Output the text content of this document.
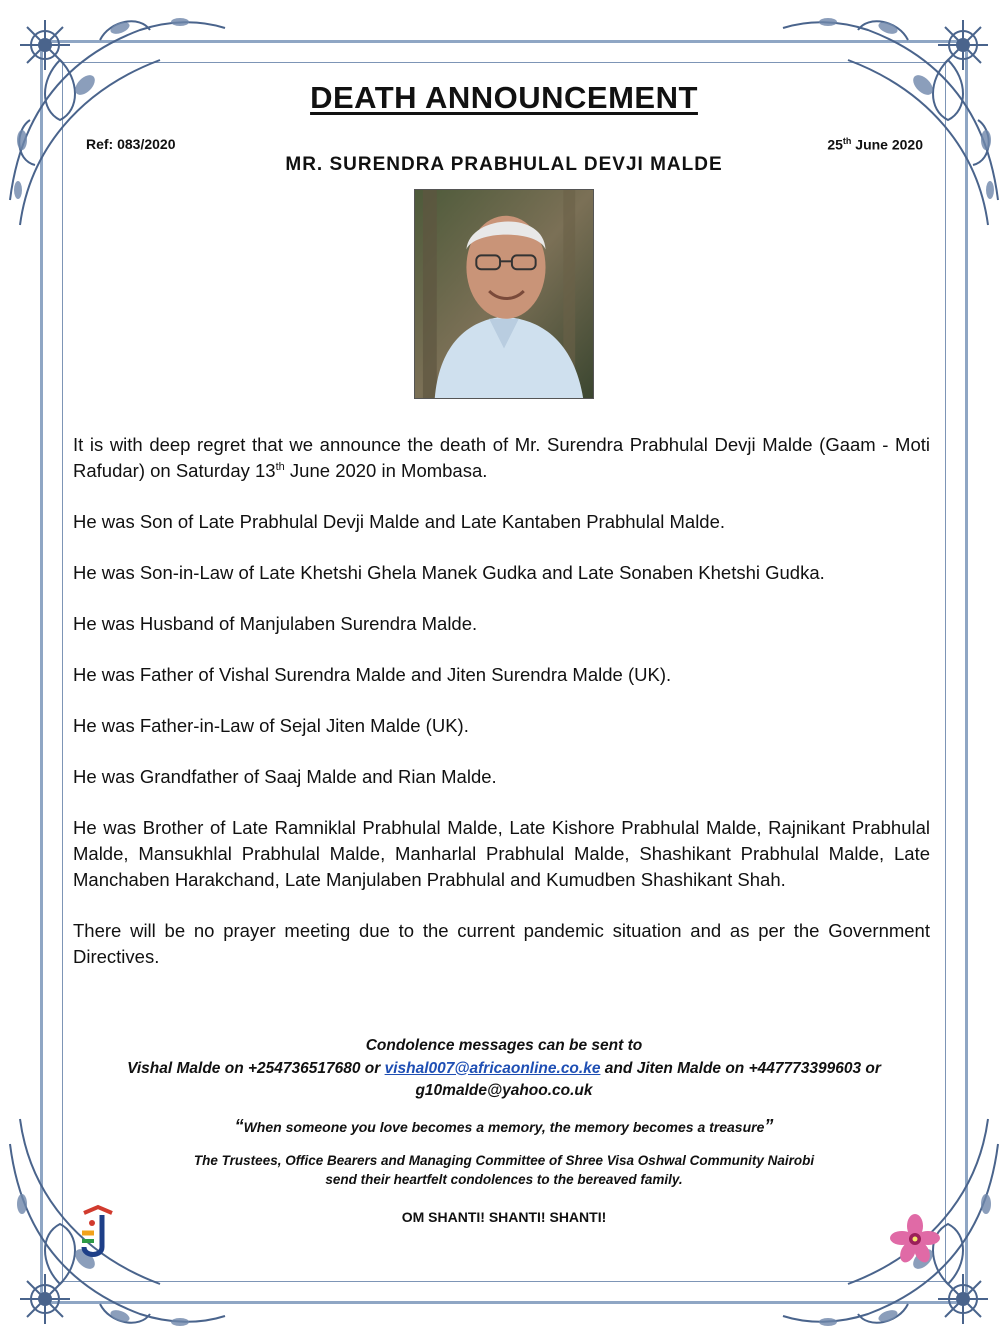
DEATH ANNOUNCEMENT
Ref: 083/2020	25th June 2020
MR. SURENDRA PRABHULAL DEVJI MALDE

It is with deep regret that we announce the death of Mr. Surendra Prabhulal Devji Malde (Gaam - Moti Rafudar) on Saturday 13th June 2020 in Mombasa.

He was Son of Late Prabhulal Devji Malde and Late Kantaben Prabhulal Malde.

He was Son-in-Law of Late Khetshi Ghela Manek Gudka and Late Sonaben Khetshi Gudka.

He was Husband of Manjulaben Surendra Malde.

He was Father of Vishal Surendra Malde and Jiten Surendra Malde (UK).

He was Father-in-Law of Sejal Jiten Malde (UK).

He was Grandfather of Saaj Malde and Rian Malde.

He was Brother of Late Ramniklal Prabhulal Malde, Late Kishore Prabhulal Malde, Rajnikant Prabhulal Malde, Mansukhlal Prabhulal Malde, Manharlal Prabhulal Malde, Shashikant Prabhulal Malde, Late Manchaben Harakchand, Late Manjulaben Prabhulal and Kumudben Shashikant Shah.

There will be no prayer meeting due to the current pandemic situation and as per the Government Directives.

Condolence messages can be sent to
Vishal Malde on +254736517680 or vishal007@africaonline.co.ke and Jiten Malde on +447773399603 or
g10malde@yahoo.co.uk
“When someone you love becomes a memory, the memory becomes a treasure”
The Trustees, Office Bearers and Managing Committee of Shree Visa Oshwal Community Nairobi
send their heartfelt condolences to the bereaved family.
OM SHANTI! SHANTI! SHANTI!
